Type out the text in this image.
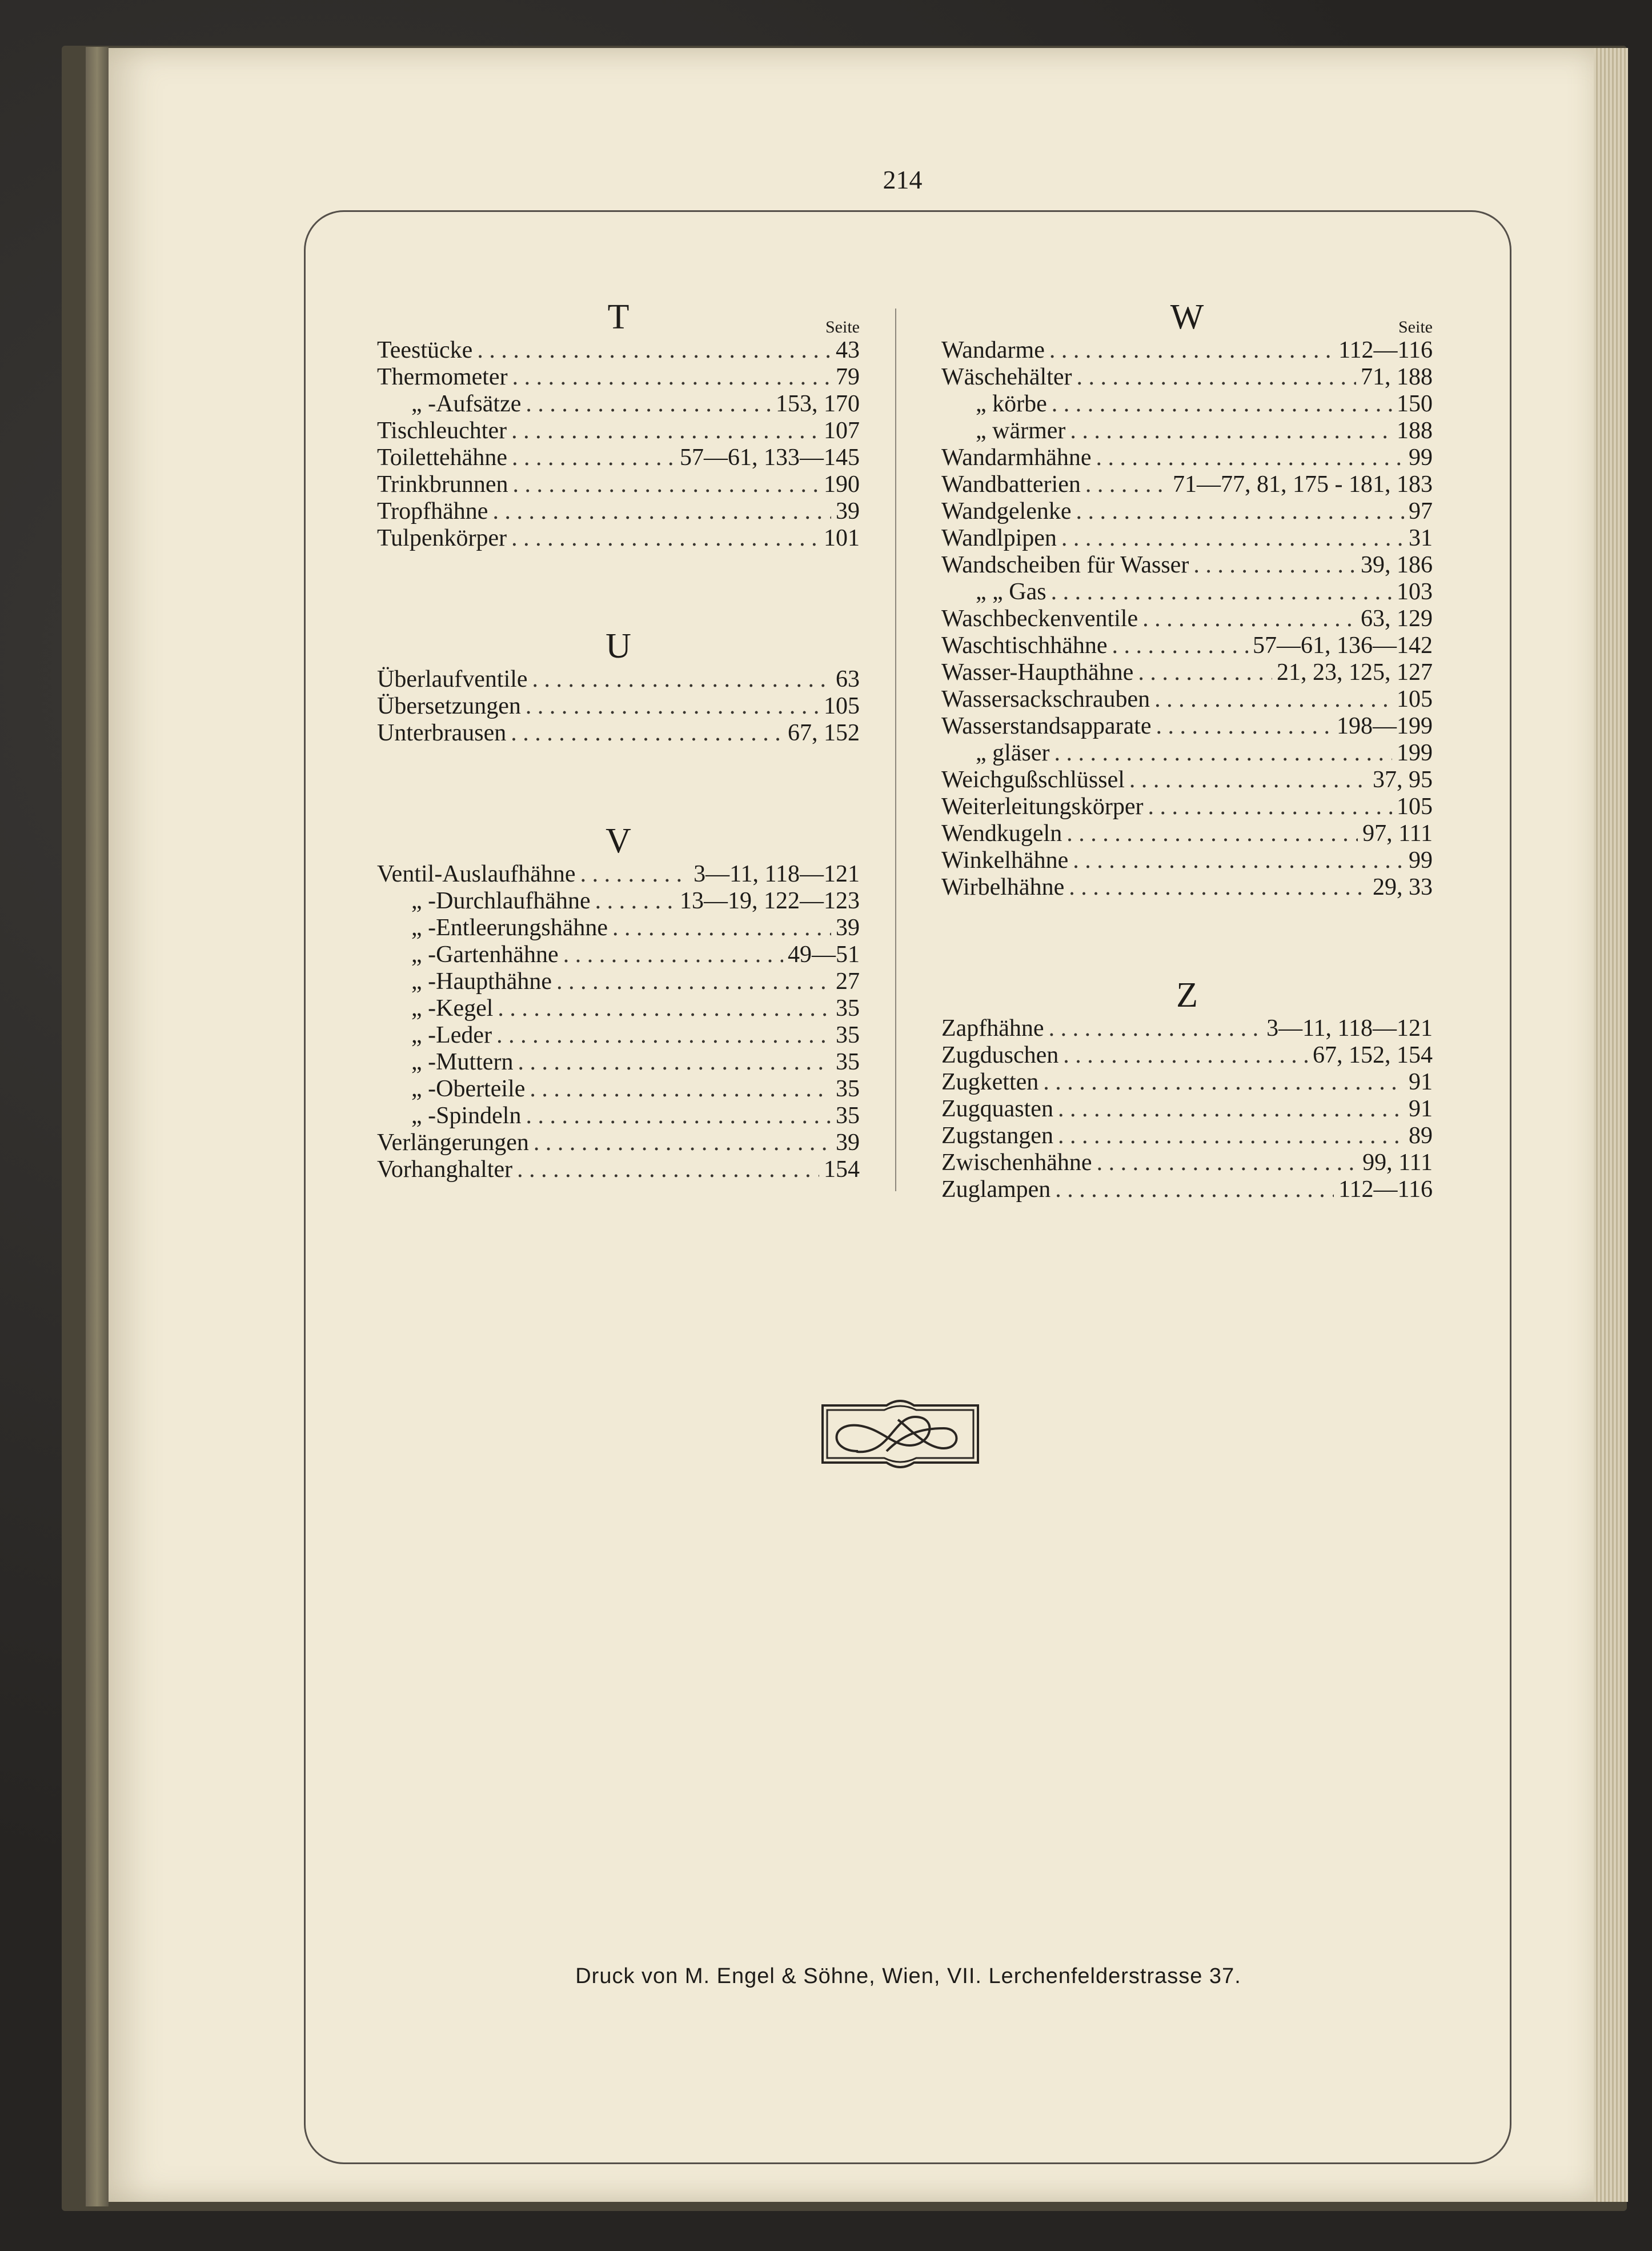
214
T	Seite
Teestücke . . .	43
Thermometer . . .	79
„ -Aufsätze . . .	153, 170
Tischleuchter . . .	107
Toilettehähne . . .	57—61, 133—145
Trinkbrunnen . . .	190
Tropfhähne . . .	39
Tulpenkörper . . .	101
U
Überlaufventile . . .	63
Übersetzungen . . .	105
Unterbrausen . . .	67, 152
V
Ventil-Auslaufhähne . . .	3—11, 118—121
„ -Durchlaufhähne . . .	13—19, 122—123
„ -Entleerungshähne . . .	39
„ -Gartenhähne . . .	49—51
„ -Haupthähne . . .	27
„ -Kegel . . .	35
„ -Leder . . .	35
„ -Muttern . . .	35
„ -Oberteile . . .	35
„ -Spindeln . . .	35
Verlängerungen . . .	39
Vorhanghalter . . .	154
W	Seite
Wandarme . . .	112—116
Wäschehälter . . .	71, 188
„ körbe . . .	150
„ wärmer . . .	188
Wandarmhähne . . .	99
Wandbatterien . . .	71—77, 81, 175 - 181, 183
Wandgelenke . . .	97
Wandlpipen . . .	31
Wandscheiben für Wasser . . .	39, 186
„ „ Gas . . .	103
Waschbeckenventile . . .	63, 129
Waschtischhähne . . .	57—61, 136—142
Wasser-Haupthähne . . .	21, 23, 125, 127
Wassersackschrauben . . .	105
Wasserstandsapparate . . .	198—199
„ gläser . . .	199
Weichgußschlüssel . . .	37, 95
Weiterleitungskörper . . .	105
Wendkugeln . . .	97, 111
Winkelhähne . . .	99
Wirbelhähne . . .	29, 33
Z
Zapfhähne . . .	3—11, 118—121
Zugduschen . . .	67, 152, 154
Zugketten . . .	91
Zugquasten . . .	91
Zugstangen . . .	89
Zwischenhähne . . .	99, 111
Zuglampen . . .	112—116
Druck von M. Engel & Söhne, Wien, VII. Lerchenfelderstrasse 37.
